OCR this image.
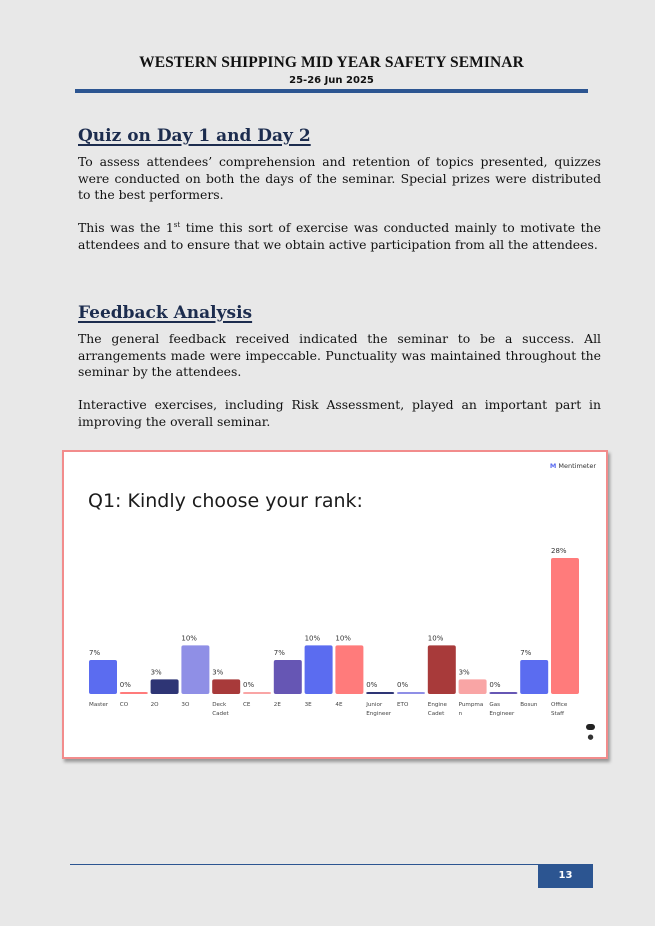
WESTERN SHIPPING MID YEAR SAFETY SEMINAR
25-26 Jun 2025
Quiz on Day 1 and Day 2

To assess attendees’ comprehension and retention of topics presented, quizzes were conducted on both the days of the seminar. Special prizes were distributed to the best performers.

This was the 1st time this sort of exercise was conducted mainly to motivate the attendees and to ensure that we obtain active participation from all the attendees.

Feedback Analysis

The general feedback received indicated the seminar to be a success. All arrangements made were impeccable. Punctuality was maintained throughout the seminar by the attendees.

Interactive exercises, including Risk Assessment, played an important part in improving the overall seminar.

M Mentimeter
Q1: Kindly choose your rank:
7%
Master
0%
CO
3%
2O
10%
3O
3%
Deck
Cadet
0%
CE
7%
2E
10%
3E
10%
4E
0%
Junior
Engineer
0%
ETO
10%
Engine
Cadet
3%
Pumpma
n
0%
Gas
Engineer
7%
Bosun
28%
Office
Staff
●
13
